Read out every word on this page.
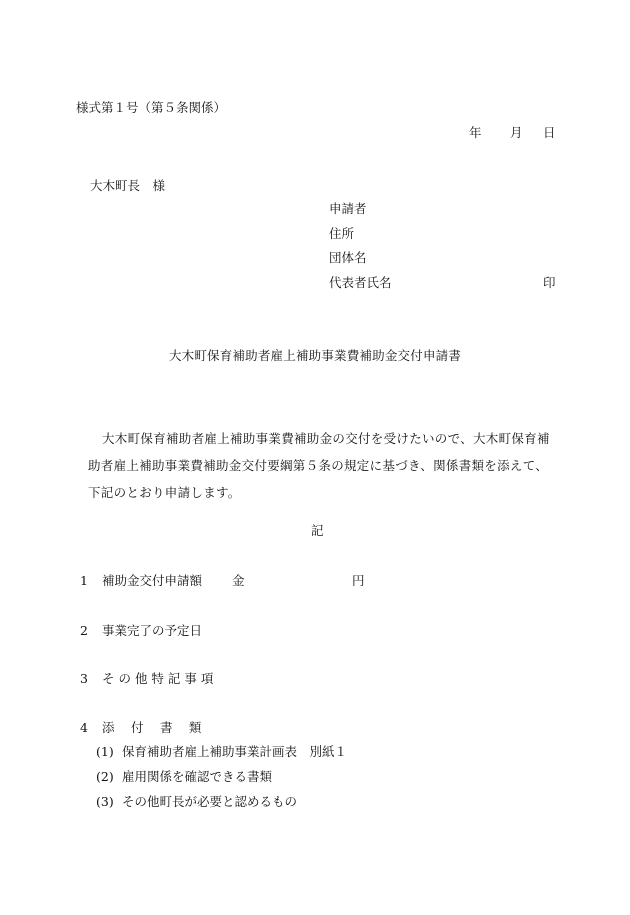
様式第１号（第５条関係）
年 月 日
大木町長　様
申請者
住所
団体名
代表者氏名	印
大木町保育補助者雇上補助事業費補助金交付申請書
大木町保育補助者雇上補助事業費補助金の交付を受けたいので、大木町保育補助者雇上補助事業費補助金交付要綱第５条の規定に基づき、関係書類を添えて、下記のとおり申請します。
記
1 補助金交付申請額 金	円
2 事業完了の予定日
3 そ の 他 特 記 事 項
4 添　 付 　書 　類
(1) 保育補助者雇上補助事業計画表　別紙１
(2) 雇用関係を確認できる書類
(3) その他町長が必要と認めるもの
